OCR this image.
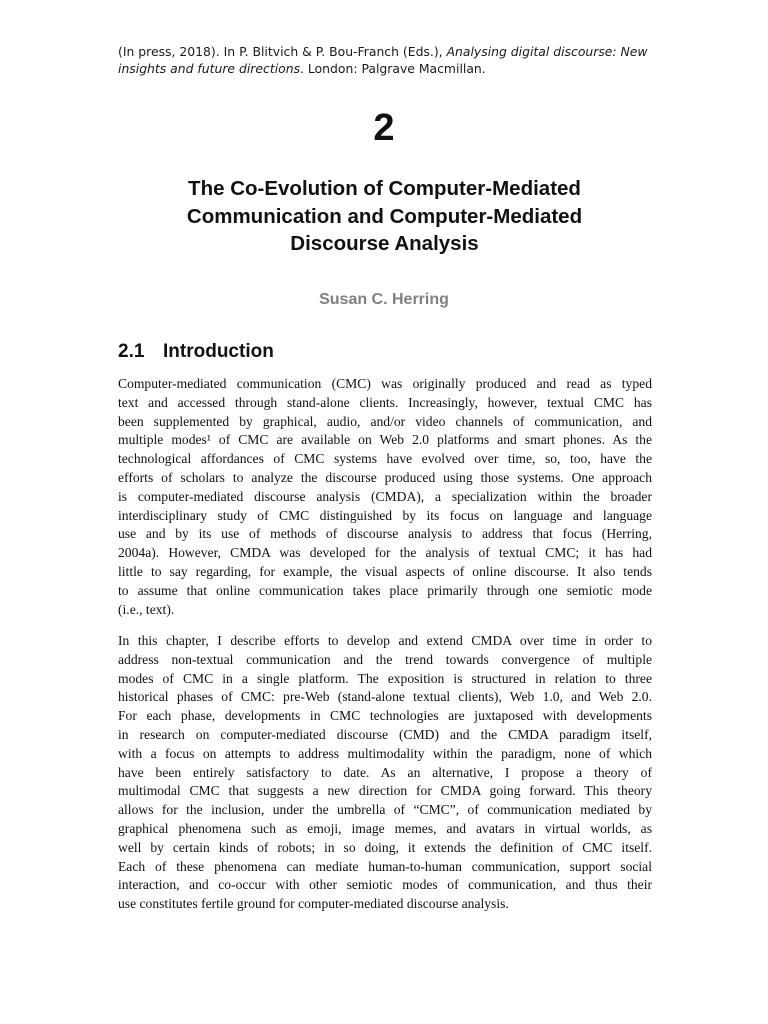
(In press, 2018). In P. Blitvich & P. Bou-Franch (Eds.), Analysing digital discourse: New insights and future directions. London: Palgrave Macmillan.
2
The Co-Evolution of Computer-Mediated
Communication and Computer-Mediated
Discourse Analysis
Susan C. Herring
2.1 Introduction
Computer-mediated communication (CMC) was originally produced and read as typed
text and accessed through stand-alone clients. Increasingly, however, textual CMC has
been supplemented by graphical, audio, and/or video channels of communication, and
multiple modes¹ of CMC are available on Web 2.0 platforms and smart phones. As the
technological affordances of CMC systems have evolved over time, so, too, have the
efforts of scholars to analyze the discourse produced using those systems. One approach
is computer-mediated discourse analysis (CMDA), a specialization within the broader
interdisciplinary study of CMC distinguished by its focus on language and language
use and by its use of methods of discourse analysis to address that focus (Herring,
2004a). However, CMDA was developed for the analysis of textual CMC; it has had
little to say regarding, for example, the visual aspects of online discourse. It also tends
to assume that online communication takes place primarily through one semiotic mode
(i.e., text).
In this chapter, I describe efforts to develop and extend CMDA over time in order to
address non-textual communication and the trend towards convergence of multiple
modes of CMC in a single platform. The exposition is structured in relation to three
historical phases of CMC: pre-Web (stand-alone textual clients), Web 1.0, and Web 2.0.
For each phase, developments in CMC technologies are juxtaposed with developments
in research on computer-mediated discourse (CMD) and the CMDA paradigm itself,
with a focus on attempts to address multimodality within the paradigm, none of which
have been entirely satisfactory to date. As an alternative, I propose a theory of
multimodal CMC that suggests a new direction for CMDA going forward. This theory
allows for the inclusion, under the umbrella of “CMC”, of communication mediated by
graphical phenomena such as emoji, image memes, and avatars in virtual worlds, as
well by certain kinds of robots; in so doing, it extends the definition of CMC itself.
Each of these phenomena can mediate human-to-human communication, support social
interaction, and co-occur with other semiotic modes of communication, and thus their
use constitutes fertile ground for computer-mediated discourse analysis.
